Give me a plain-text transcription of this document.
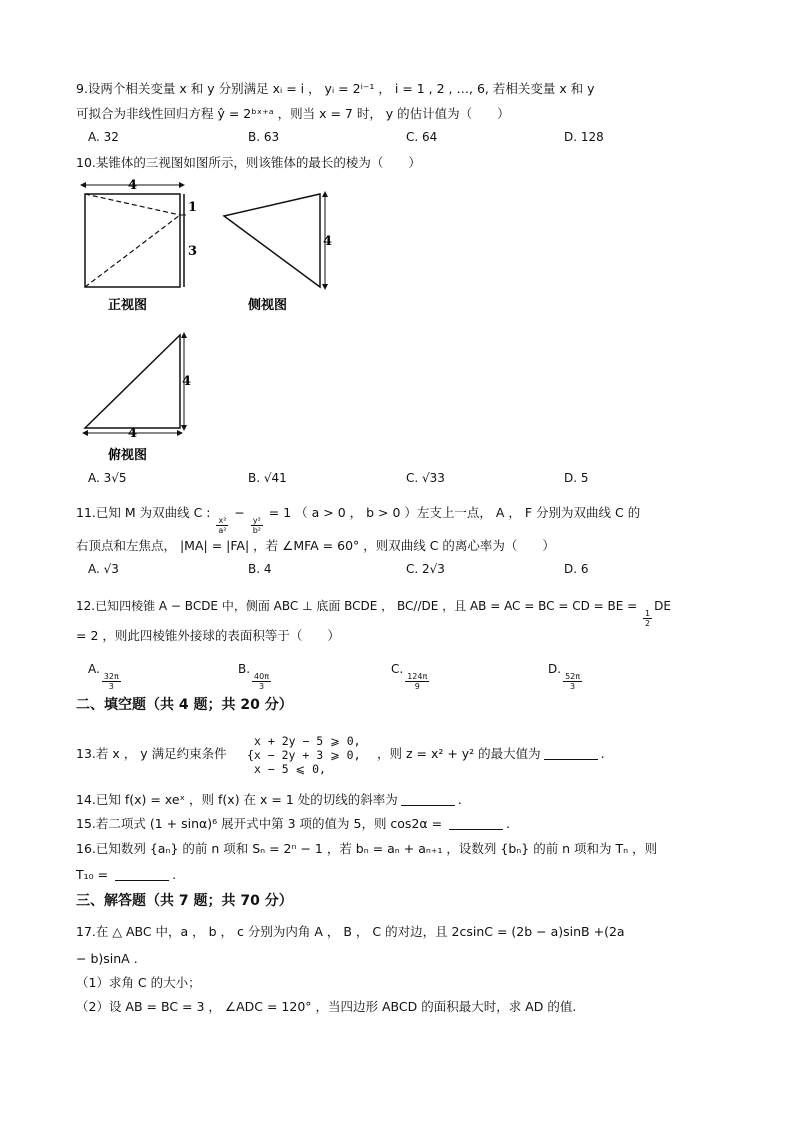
9.设两个相关变量 x 和 y 分别满足 xᵢ = i ， yᵢ = 2ⁱ⁻¹ ， i = 1 , 2 , …, 6, 若相关变量 x 和 y
可拟合为非线性回归方程 ŷ = 2ᵇˣ⁺ᵃ ，则当 x = 7 时， y 的估计值为（　　）
A. 32	B. 63	C. 64	D. 128
10.某锥体的三视图如图所示，则该锥体的最长的棱为（　　）
4
1
3
正视图
4
侧视图
4
4
俯视图
A. 3√5	B. √41	C. √33	D. 5
11.已知 M 为双曲线 C :
$\frac{\text{x²}}{\text{a²}}$
−
$\frac{\text{y²}}{\text{b²}}$
= 1 （ a > 0 ， b > 0 ）左支上一点， A ， F 分别为双曲线 C 的
右顶点和左焦点， |MA| = |FA| ，若 ∠MFA = 60° ，则双曲线 C 的离心率为（　　）
A. √3	B. 4	C. 2√3	D. 6
12.已知四棱锥 A − BCDE 中，侧面 ABC ⊥ 底面 BCDE ， BC//DE ，且 AB = AC = BC = CD = BE =
$\frac{1}{2}$
DE
= 2 ，则此四棱锥外接球的表面积等于（　　）
A.
$\frac{32\pi}{3}$
B.
$\frac{40\pi}{3}$
C.
$\frac{124\pi}{9}$
D.
$\frac{52\pi}{3}$
二、填空题（共 4 题；共 20 分）
13.若 x ， y 满足约束条件
x + 2y − 5 ⩾ 0,
{x − 2y + 3 ⩾ 0,
x − 5 ⩽ 0,
，则 z = x² + y² 的最大值为	.
14.已知 f(x) = xeˣ ，则 f(x) 在 x = 1 处的切线的斜率为	.
15.若二项式 (1 + sinα)⁶ 展开式中第 3 项的值为 5，则 cos2α =	.
16.已知数列 {aₙ} 的前 n 项和 Sₙ = 2ⁿ − 1 ，若 bₙ = aₙ + aₙ₊₁ ，设数列 {bₙ} 的前 n 项和为 Tₙ ，则
T₁₀ =	.
三、解答题（共 7 题；共 70 分）
17.在 △ ABC 中，a ， b ， c 分别为内角 A ， B ， C 的对边，且 2csinC = (2b − a)sinB +(2a
− b)sinA .
（1）求角 C 的大小；
（2）设 AB = BC = 3 ， ∠ADC = 120° ，当四边形 ABCD 的面积最大时，求 AD 的值.
